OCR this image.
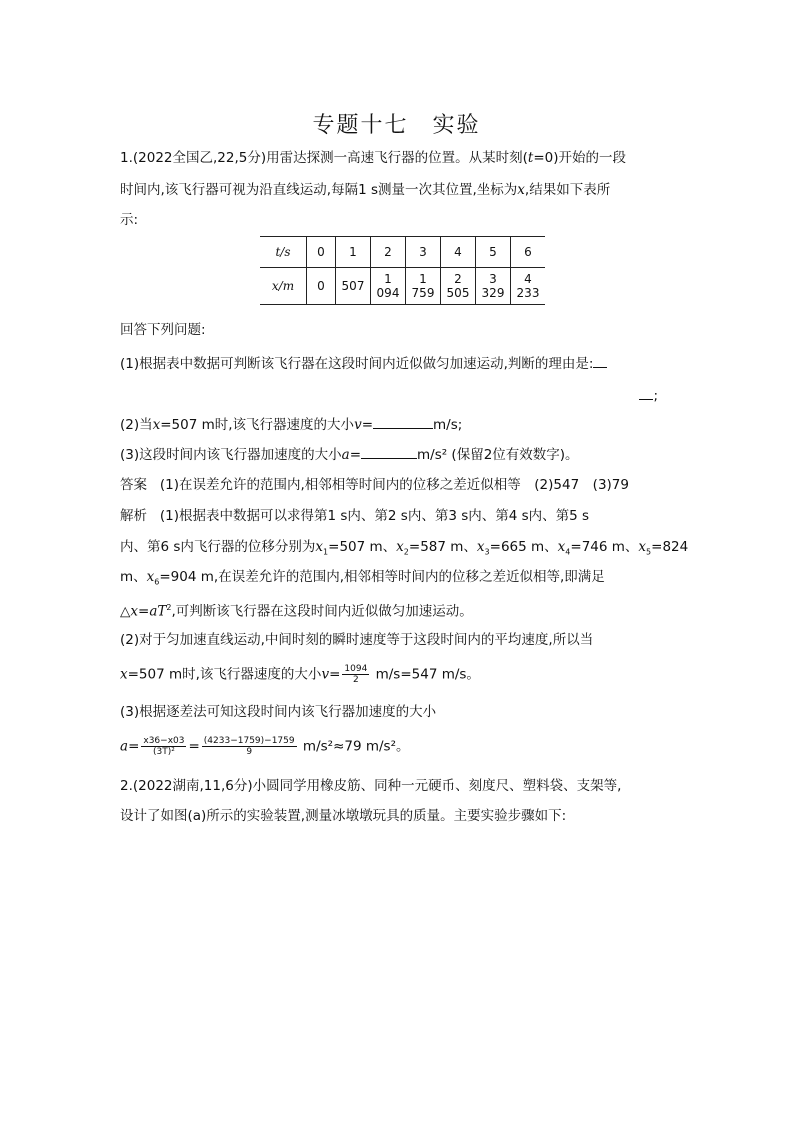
专题十七　实验
1.(2022全国乙,22,5分)用雷达探测一高速飞行器的位置。从某时刻(t=0)开始的一段
时间内,该飞行器可视为沿直线运动,每隔1 s测量一次其位置,坐标为x,结果如下表所
示:
t/s	0	1	2	3	4	5	6
x/m	0	507	1 094	1 759	2 505	3 329	4 233
回答下列问题:
(1)根据表中数据可判断该飞行器在这段时间内近似做匀加速运动,判断的理由是:
;
(2)当x=507 m时,该飞行器速度的大小v=	m/s;
(3)这段时间内该飞行器加速度的大小a=	m/s² (保留2位有效数字)。
答案 (1)在误差允许的范围内,相邻相等时间内的位移之差近似相等　(2)547　(3)79
解析 (1)根据表中数据可以求得第1 s内、第2 s内、第3 s内、第4 s内、第5 s
内、第6 s内飞行器的位移分别为$x_1=507$ m、$x_2=587$ m、$x_3=665$ m、$x_4=746$ m、$x_5=824$
m、$x_6=904$ m,在误差允许的范围内,相邻相等时间内的位移之差近似相等,即满足
$\triangle x=aT^2$,可判断该飞行器在这段时间内近似做匀加速运动。
(2)对于匀加速直线运动,中间时刻的瞬时速度等于这段时间内的平均速度,所以当
x=507 m时,该飞行器速度的大小$v= \frac{1094}{2} m/s=547$ m/s。
(3)根据逐差法可知这段时间内该飞行器加速度的大小
$a= \frac{x36-x03}{\text{(3T)²}} = \frac{(4233-1759)-1759}{9} m/s^2\approx 79$ m/s²。
2.(2022湖南,11,6分)小圆同学用橡皮筋、同种一元硬币、刻度尺、塑料袋、支架等,
设计了如图(a)所示的实验装置,测量冰墩墩玩具的质量。主要实验步骤如下:
